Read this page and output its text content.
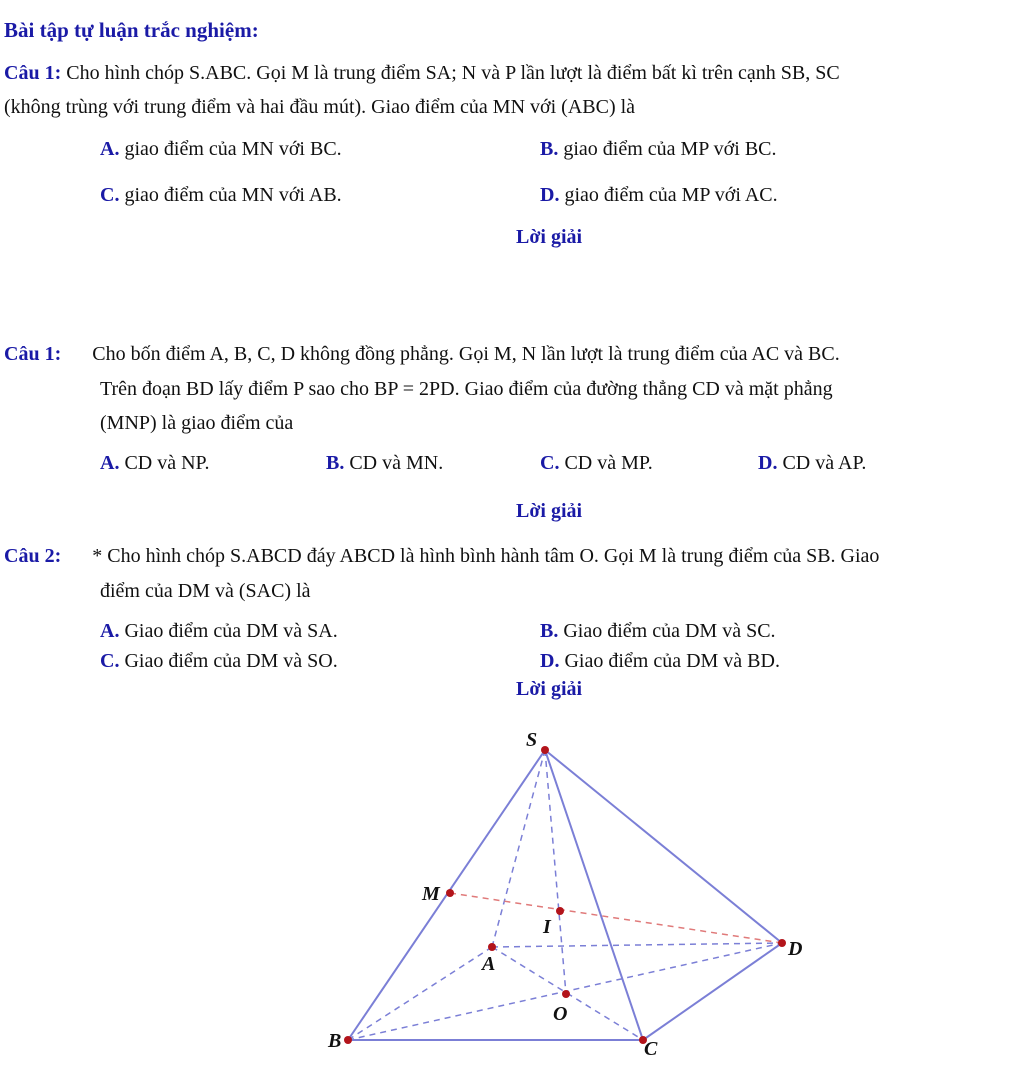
Bài tập tự luận trắc nghiệm:
Câu 1: Cho hình chóp S.ABC. Gọi M là trung điểm SA; N và P lần lượt là điểm bất kì trên cạnh SB, SC
(không trùng với trung điểm và hai đầu mút). Giao điểm của MN với (ABC) là
A. giao điểm của MN với BC.	B. giao điểm của MP với BC.
C. giao điểm của MN với AB.	D. giao điểm của MP với AC.
Lời giải
Câu 1: Cho bốn điểm A, B, C, D không đồng phẳng. Gọi M, N lần lượt là trung điểm của AC và BC.
Trên đoạn BD lấy điểm P sao cho BP = 2PD. Giao điểm của đường thẳng CD và mặt phẳng
(MNP) là giao điểm của
A. CD và NP.	B. CD và MN.	C. CD và MP.	D. CD và AP.
Lời giải
Câu 2: * Cho hình chóp S.ABCD đáy ABCD là hình bình hành tâm O. Gọi M là trung điểm của SB. Giao
điểm của DM và (SAC) là
A. Giao điểm của DM và SA.	B. Giao điểm của DM và SC.
C. Giao điểm của DM và SO.	D. Giao điểm của DM và BD.
Lời giải
S
M
I
A
D
O
B	C
